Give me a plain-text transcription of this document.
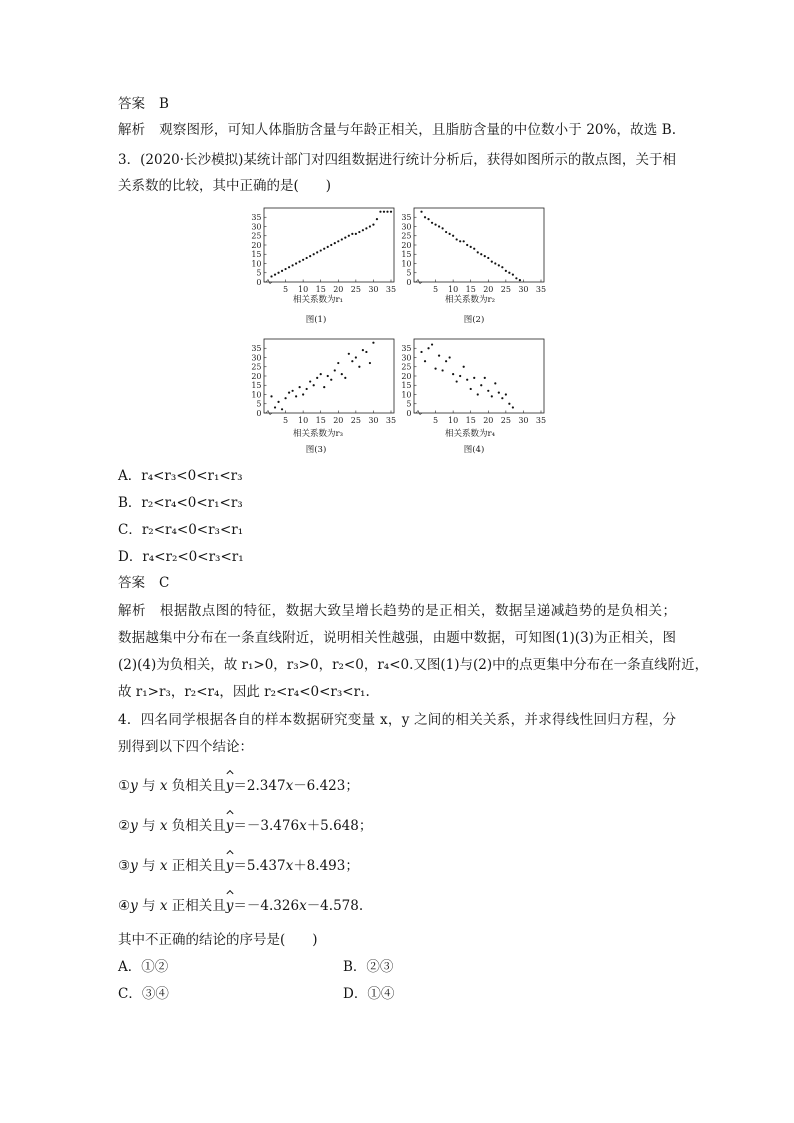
答案 B
解析 观察图形，可知人体脂肪含量与年龄正相关，且脂肪含量的中位数小于 20%，故选 B.
3．(2020·长沙模拟)某统计部门对四组数据进行统计分析后，获得如图所示的散点图，关于相
关系数的比较，其中正确的是(　　)
0
5
10
15
20
25
30
35
5 10 15 20 25 30 35
0
5
10
15
20
25
30
35
5 10 15 20 25 30 35
0
5
10
15
20
25
30
35
5 10 15 20 25 30 35
0
5
10
15
20
25
30
35
5 10 15 20 25 30 35
相关系数为r₁
图(1)
相关系数为r₂
图(2)
相关系数为r₃
图(3)
相关系数为r₄
图(4)
A．r₄<r₃<0<r₁<r₃
B．r₂<r₄<0<r₁<r₃
C．r₂<r₄<0<r₃<r₁
D．r₄<r₂<0<r₃<r₁
答案 C
解析 根据散点图的特征，数据大致呈增长趋势的是正相关，数据呈递减趋势的是负相关；
数据越集中分布在一条直线附近，说明相关性越强，由题中数据，可知图(1)(3)为正相关，图
(2)(4)为负相关，故 r₁>0，r₃>0，r₂<0，r₄<0.又图(1)与(2)中的点更集中分布在一条直线附近，
故 r₁>r₃，r₂<r₄，因此 r₂<r₄<0<r₃<r₁.
4．四名同学根据各自的样本数据研究变量 x，y 之间的相关关系，并求得线性回归方程，分
别得到以下四个结论：
①y 与 x 负相关且y＝2.347x－6.423；
②y 与 x 负相关且y＝－3.476x＋5.648；
③y 与 x 正相关且y＝5.437x＋8.493；
④y 与 x 正相关且y＝－4.326x－4.578.
其中不正确的结论的序号是(　　)
A．①②	B．②③
C．③④	D．①④
